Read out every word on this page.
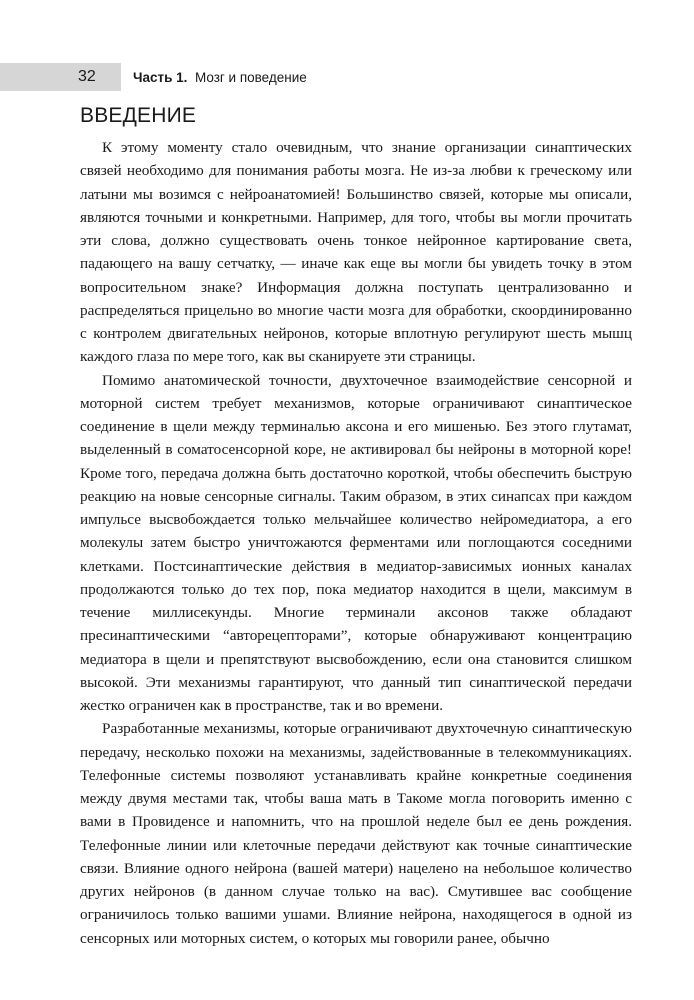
32	Часть 1. Мозг и поведение
ВВЕДЕНИЕ

К этому моменту стало очевидным, что знание организации синаптических связей необходимо для понимания работы мозга. Не из-за любви к греческому или латыни мы возимся с нейроанатомией! Большинство связей, которые мы описали, являются точными и конкретными. Например, для того, чтобы вы могли прочитать эти слова, должно существовать очень тонкое нейронное картирование света, падающего на вашу сетчатку, — иначе как еще вы могли бы увидеть точку в этом вопросительном знаке? Информация должна поступать централизованно и распределяться прицельно во многие части мозга для обработки, скоординированно с контролем двигательных нейронов, которые вплотную регулируют шесть мышц каждого глаза по мере того, как вы сканируете эти страницы.

Помимо анатомической точности, двухточечное взаимодействие сенсорной и моторной систем требует механизмов, которые ограничивают синаптическое соединение в щели между терминалью аксона и его мишенью. Без этого глутамат, выделенный в соматосенсорной коре, не активировал бы нейроны в моторной коре! Кроме того, передача должна быть достаточно короткой, чтобы обеспечить быструю реакцию на новые сенсорные сигналы. Таким образом, в этих синапсах при каждом импульсе высвобождается только мельчайшее количество нейромедиатора, а его молекулы затем быстро уничтожаются ферментами или поглощаются соседними клетками. Постсинаптические действия в медиатор-зависимых ионных каналах продолжаются только до тех пор, пока медиатор находится в щели, максимум в течение миллисекунды. Многие терминали аксонов также обладают пресинаптическими “авторецепторами”, которые обнаруживают концентрацию медиатора в щели и препятствуют высвобождению, если она становится слишком высокой. Эти механизмы гарантируют, что данный тип синаптической передачи жестко ограничен как в пространстве, так и во времени.

Разработанные механизмы, которые ограничивают двухточечную синаптическую передачу, несколько похожи на механизмы, задействованные в телекоммуникациях. Телефонные системы позволяют устанавливать крайне конкретные соединения между двумя местами так, чтобы ваша мать в Такоме могла поговорить именно с вами в Провиденсе и напомнить, что на прошлой неделе был ее день рождения. Телефонные линии или клеточные передачи действуют как точные синаптические связи. Влияние одного нейрона (вашей матери) нацелено на небольшое количество других нейронов (в данном случае только на вас). Смутившее вас сообщение ограничилось только вашими ушами. Влияние нейрона, находящегося в одной из сенсорных или моторных систем, о которых мы говорили ранее, обычно
